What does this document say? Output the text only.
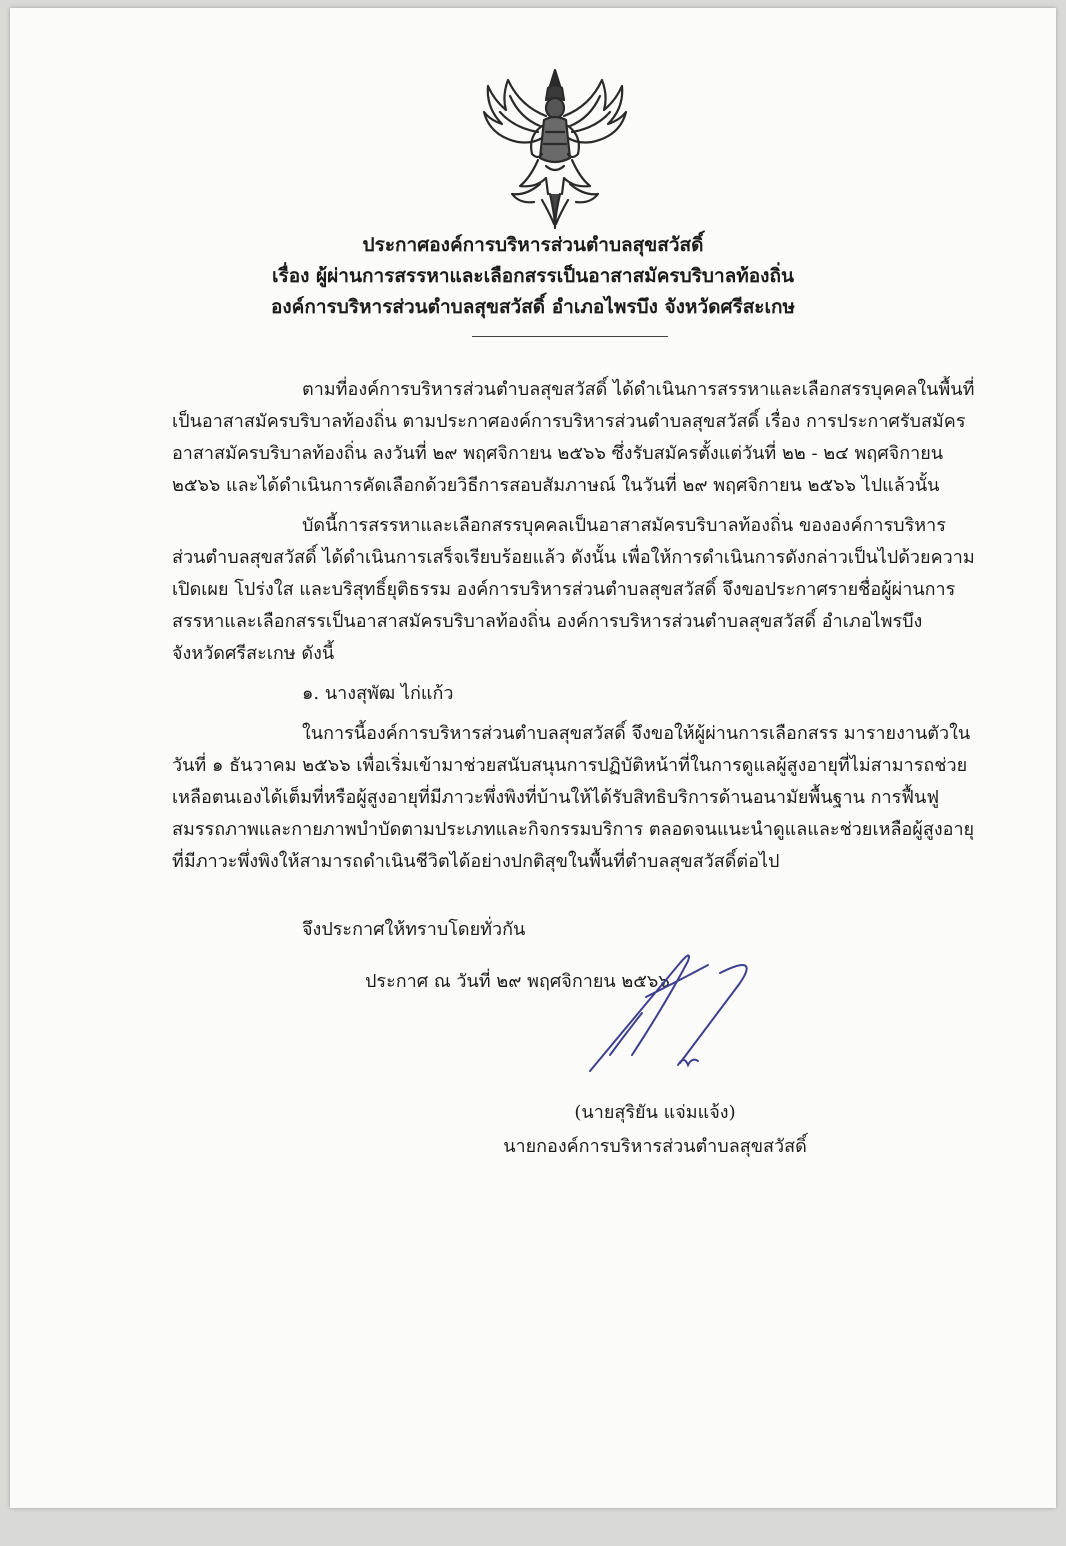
ประกาศองค์การบริหารส่วนตำบลสุขสวัสดิ์
เรื่อง ผู้ผ่านการสรรหาและเลือกสรรเป็นอาสาสมัครบริบาลท้องถิ่น
องค์การบริหารส่วนตำบลสุขสวัสดิ์ อำเภอไพรบึง จังหวัดศรีสะเกษ

ตามที่องค์การบริหารส่วนตำบลสุขสวัสดิ์ ได้ดำเนินการสรรหาและเลือกสรรบุคคลในพื้นที่เป็นอาสาสมัครบริบาลท้องถิ่น ตามประกาศองค์การบริหารส่วนตำบลสุขสวัสดิ์ เรื่อง การประกาศรับสมัครอาสาสมัครบริบาลท้องถิ่น ลงวันที่ ๒๙ พฤศจิกายน ๒๕๖๖ ซึ่งรับสมัครตั้งแต่วันที่ ๒๒ - ๒๔ พฤศจิกายน ๒๕๖๖ และได้ดำเนินการคัดเลือกด้วยวิธีการสอบสัมภาษณ์ ในวันที่ ๒๙ พฤศจิกายน ๒๕๖๖ ไปแล้วนั้น

บัดนี้การสรรหาและเลือกสรรบุคคลเป็นอาสาสมัครบริบาลท้องถิ่น ขององค์การบริหารส่วนตำบลสุขสวัสดิ์ ได้ดำเนินการเสร็จเรียบร้อยแล้ว ดังนั้น เพื่อให้การดำเนินการดังกล่าวเป็นไปด้วยความเปิดเผย โปร่งใส และบริสุทธิ์ยุติธรรม องค์การบริหารส่วนตำบลสุขสวัสดิ์ จึงขอประกาศรายชื่อผู้ผ่านการสรรหาและเลือกสรรเป็นอาสาสมัครบริบาลท้องถิ่น องค์การบริหารส่วนตำบลสุขสวัสดิ์ อำเภอไพรบึง จังหวัดศรีสะเกษ ดังนี้

๑. นางสุพัฒ ไก่แก้ว

ในการนี้องค์การบริหารส่วนตำบลสุขสวัสดิ์ จึงขอให้ผู้ผ่านการเลือกสรร มารายงานตัวในวันที่ ๑ ธันวาคม ๒๕๖๖ เพื่อเริ่มเข้ามาช่วยสนับสนุนการปฏิบัติหน้าที่ในการดูแลผู้สูงอายุที่ไม่สามารถช่วยเหลือตนเองได้เต็มที่หรือผู้สูงอายุที่มีภาวะพึ่งพิงที่บ้านให้ได้รับสิทธิบริการด้านอนามัยพื้นฐาน การฟื้นฟูสมรรถภาพและกายภาพบำบัดตามประเภทและกิจกรรมบริการ ตลอดจนแนะนำดูแลและช่วยเหลือผู้สูงอายุที่มีภาวะพึ่งพิงให้สามารถดำเนินชีวิตได้อย่างปกติสุขในพื้นที่ตำบลสุขสวัสดิ์ต่อไป

จึงประกาศให้ทราบโดยทั่วกัน
ประกาศ ณ วันที่ ๒๙ พฤศจิกายน ๒๕๖๖
(นายสุริยัน แจ่มแจ้ง)
นายกองค์การบริหารส่วนตำบลสุขสวัสดิ์
